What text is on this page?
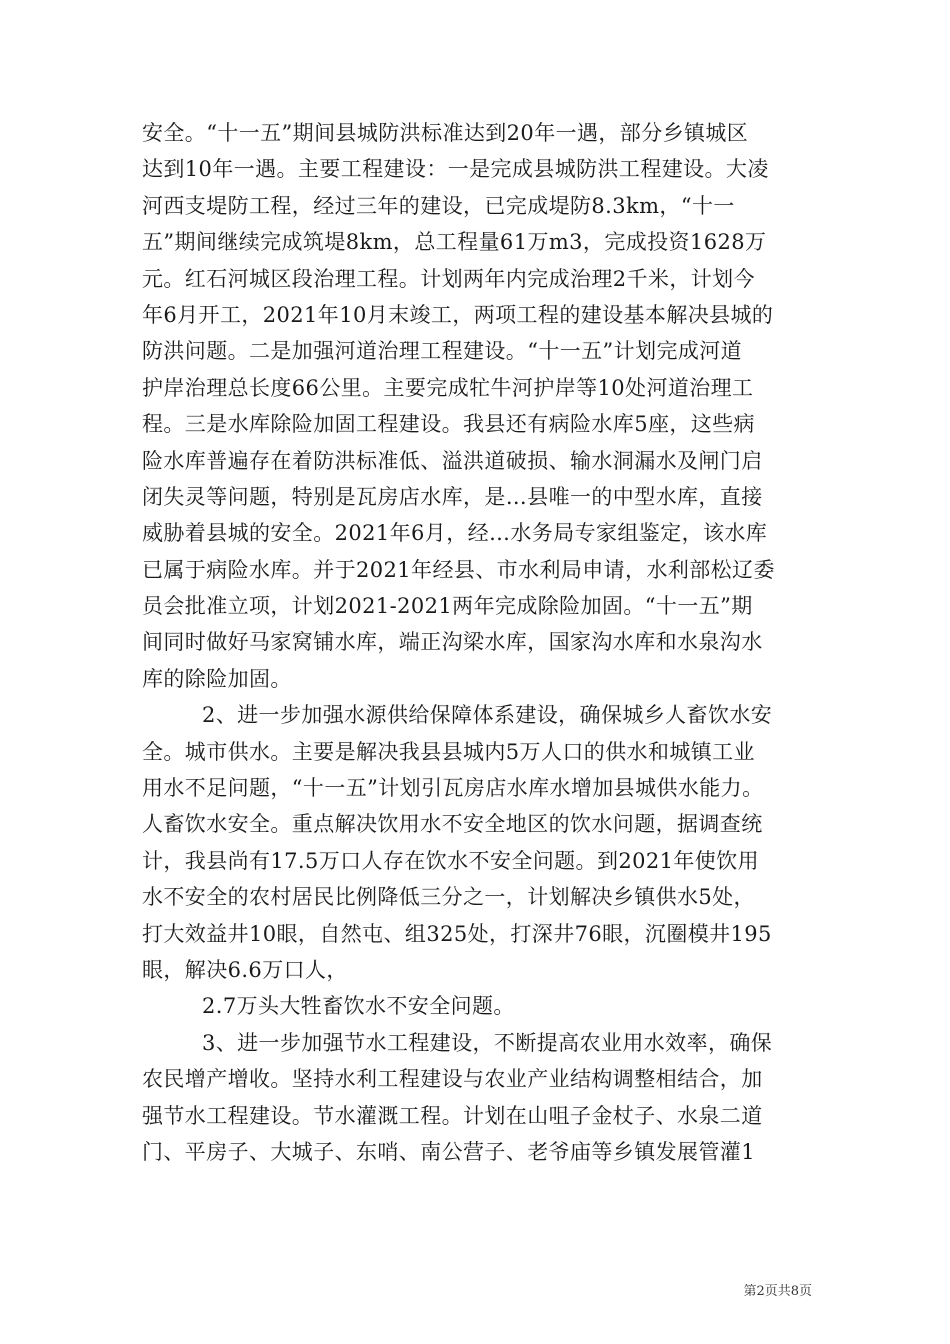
安全。“十一五”期间县城防洪标准达到20年一遇，部分乡镇城区
达到10年一遇。主要工程建设：一是完成县城防洪工程建设。大凌
河西支堤防工程，经过三年的建设，已完成堤防8.3km，“十一
五”期间继续完成筑堤8km，总工程量61万m3，完成投资1628万
元。红石河城区段治理工程。计划两年内完成治理2千米，计划今
年6月开工，2021年10月末竣工，两项工程的建设基本解决县城的
防洪问题。二是加强河道治理工程建设。“十一五”计划完成河道
护岸治理总长度66公里。主要完成牤牛河护岸等10处河道治理工
程。三是水库除险加固工程建设。我县还有病险水库5座，这些病
险水库普遍存在着防洪标准低、溢洪道破损、输水洞漏水及闸门启
闭失灵等问题，特别是瓦房店水库，是…县唯一的中型水库，直接
威胁着县城的安全。2021年6月，经…水务局专家组鉴定，该水库
已属于病险水库。并于2021年经县、市水利局申请，水利部松辽委
员会批准立项，计划2021-2021两年完成除险加固。“十一五”期
间同时做好马家窝铺水库，端正沟梁水库，国家沟水库和水泉沟水
库的除险加固。
2、进一步加强水源供给保障体系建设，确保城乡人畜饮水安
全。城市供水。主要是解决我县县城内5万人口的供水和城镇工业
用水不足问题，“十一五”计划引瓦房店水库水增加县城供水能力。
人畜饮水安全。重点解决饮用水不安全地区的饮水问题，据调查统
计，我县尚有17.5万口人存在饮水不安全问题。到2021年使饮用
水不安全的农村居民比例降低三分之一，计划解决乡镇供水5处，
打大效益井10眼，自然屯、组325处，打深井76眼，沉圈模井195
眼，解决6.6万口人，
2.7万头大牲畜饮水不安全问题。
3、进一步加强节水工程建设，不断提高农业用水效率，确保
农民增产增收。坚持水利工程建设与农业产业结构调整相结合，加
强节水工程建设。节水灌溉工程。计划在山咀子金杖子、水泉二道
门、平房子、大城子、东哨、南公营子、老爷庙等乡镇发展管灌1
第2页共8页
